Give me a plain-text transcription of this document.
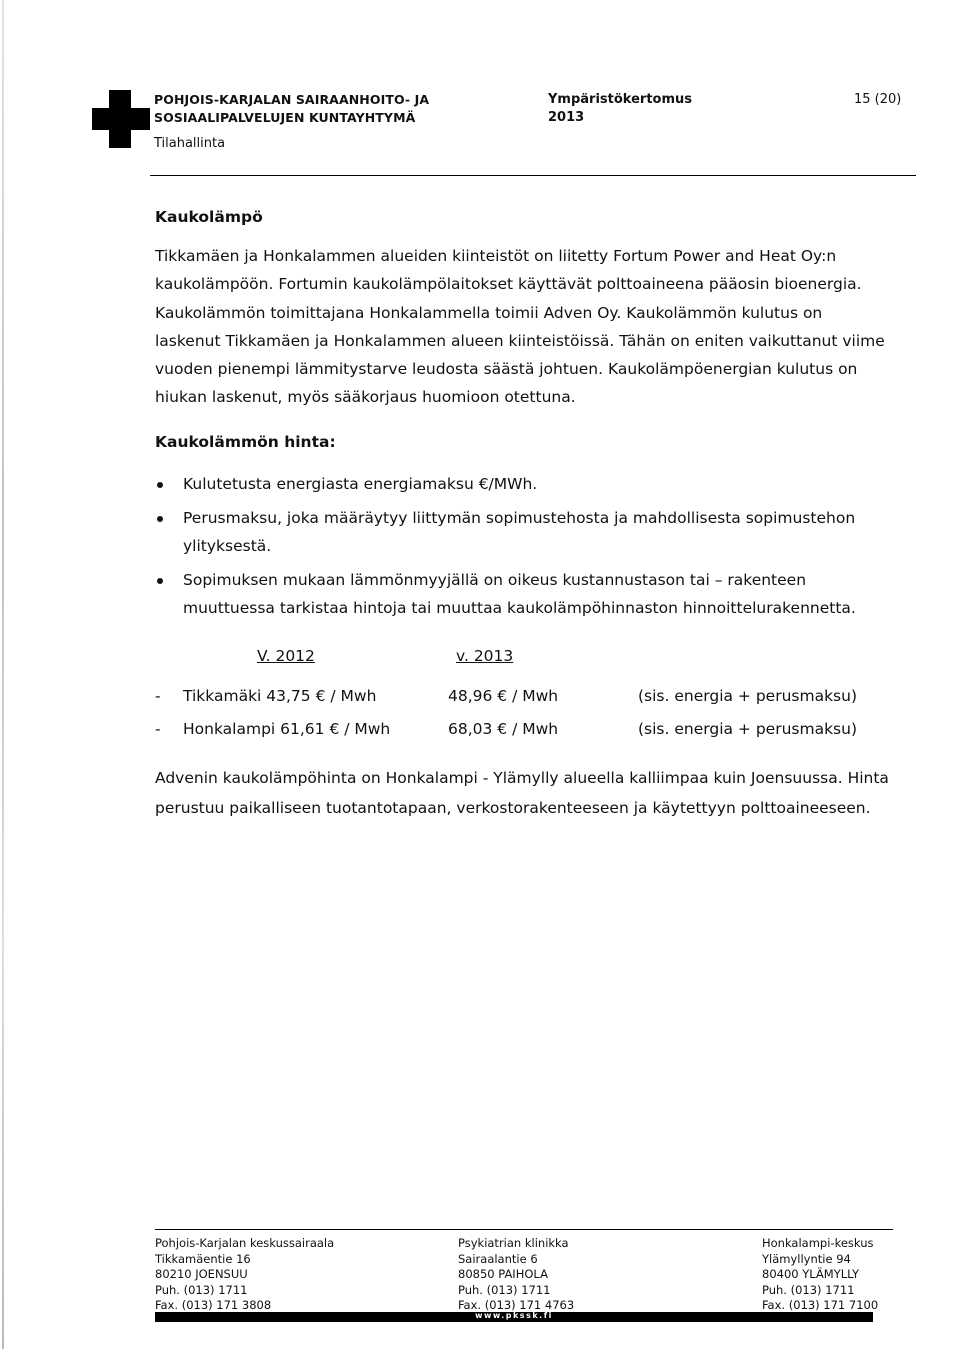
POHJOIS-KARJALAN SAIRAANHOITO- JA
SOSIAALIPALVELUJEN KUNTAYHTYMÄ
Tilahallinta
Ympäristökertomus
2013
15 (20)
Kaukolämpö

Tikkamäen ja Honkalammen alueiden kiinteistöt on liitetty Fortum Power and Heat Oy:n kaukolämpöön. Fortumin kaukolämpölaitokset käyttävät polttoaineena pääosin bioenergia. Kaukolämmön toimittajana Honkalammella toimii Adven Oy. Kaukolämmön kulutus on laskenut Tikkamäen ja Honkalammen alueen kiinteistöissä. Tähän on eniten vaikuttanut viime vuoden pienempi lämmitystarve leudosta säästä johtuen. Kaukolämpöenergian kulutus on hiukan laskenut, myös sääkorjaus huomioon otettuna.

Kaukolämmön hinta:
Kulutetusta energiasta energiamaksu €/MWh.
Perusmaksu, joka määräytyy liittymän sopimustehosta ja mahdollisesta sopimustehon ylityksestä.
Sopimuksen mukaan lämmönmyyjällä on oikeus kustannustason tai – rakenteen muuttuessa tarkistaa hintoja tai muuttaa kaukolämpöhinnaston hinnoittelurakennetta.
V. 2012	v. 2013
- Tikkamäki 43,75 € / Mwh	48,96 € / Mwh	(sis. energia + perusmaksu)
- Honkalampi 61,61 € / Mwh	68,03 € / Mwh	(sis. energia + perusmaksu)

Advenin kaukolämpöhinta on Honkalampi - Ylämylly alueella kalliimpaa kuin Joensuussa. Hinta perustuu paikalliseen tuotantotapaan, verkostorakenteeseen ja käytettyyn polttoaineeseen.

Pohjois-Karjalan keskussairaala
Tikkamäentie 16
80210 JOENSUU
Puh. (013) 1711
Fax. (013) 171 3808
Psykiatrian klinikka
Sairaalantie 6
80850 PAIHOLA
Puh. (013) 1711
Fax. (013) 171 4763
Honkalampi-keskus
Ylämyllyntie 94
80400 YLÄMYLLY
Puh. (013) 1711
Fax. (013) 171 7100
www.pkssk.fi
